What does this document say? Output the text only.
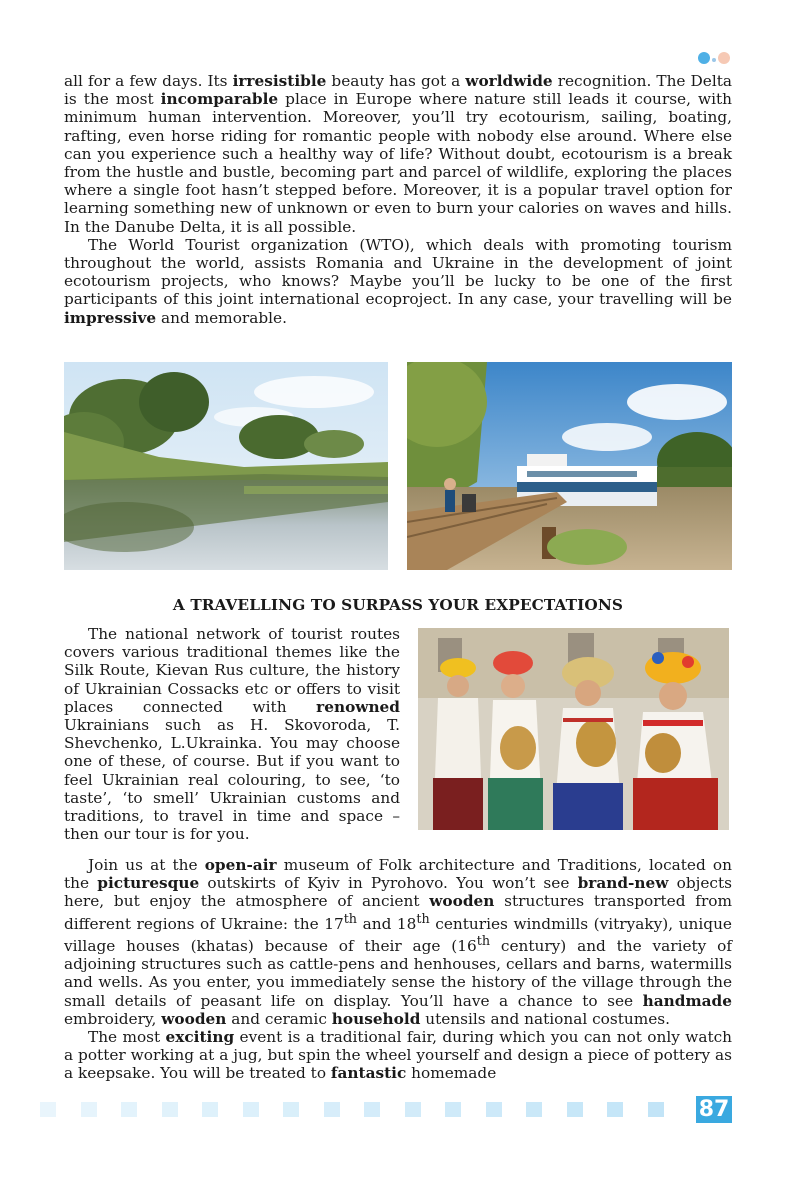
all for a few days. Its irresistible beauty has got a worldwide recognition. The Delta is the most incomparable place in Europe where nature still leads it course, with minimum human intervention. Moreover, you’ll try ecotourism, sailing, boating, rafting, even horse riding for romantic people with nobody else around. Where else can you experience such a healthy way of life? Without doubt, ecotourism is a break from the hustle and bustle, becoming part and parcel of wildlife, exploring the places where a single foot hasn’t stepped before. Moreover, it is a popular travel option for learning something new of unknown or even to burn your calories on waves and hills. In the Danube Delta, it is all possible.

The World Tourist organization (WTO), which deals with promoting tourism throughout the world, assists Romania and Ukraine in the development of joint ecotourism projects, who knows? Maybe you’ll be lucky to be one of the first participants of this joint international ecoproject. In any case, your travelling will be impressive and memorable.

A TRAVELLING TO SURPASS YOUR EXPECTATIONS

The national network of tourist routes covers various traditional themes like the Silk Route, Kievan Rus culture, the history of Ukrainian Cossacks etc or offers to visit places connected with renowned Ukrainians such as H. Skovoroda, T. Shevchenko, L.Ukrainka. You may choose one of these, of course. But if you want to feel Ukrainian real colouring, to see, ‘to taste’, ‘to smell’ Ukrainian customs and traditions, to travel in time and space – then our tour is for you.

Join us at the open-air museum of Folk architecture and Traditions, located on the picturesque outskirts of Kyiv in Pyrohovo. You won’t see brand-new objects here, but enjoy the atmosphere of ancient wooden structures transported from different regions of Ukraine: the 17th and 18th centuries windmills (vitryaky), unique village houses (khatas) because of their age (16th century) and the variety of adjoining structures such as cattle-pens and henhouses, cellars and barns, watermills and wells. As you enter, you immediately sense the history of the village through the small details of peasant life on display. You’ll have a chance to see handmade embroidery, wooden and ceramic household utensils and national costumes.

The most exciting event is a traditional fair, during which you can not only watch a potter working at a jug, but spin the wheel yourself and design a piece of pottery as a keepsake. You will be treated to fantastic homemade

87
